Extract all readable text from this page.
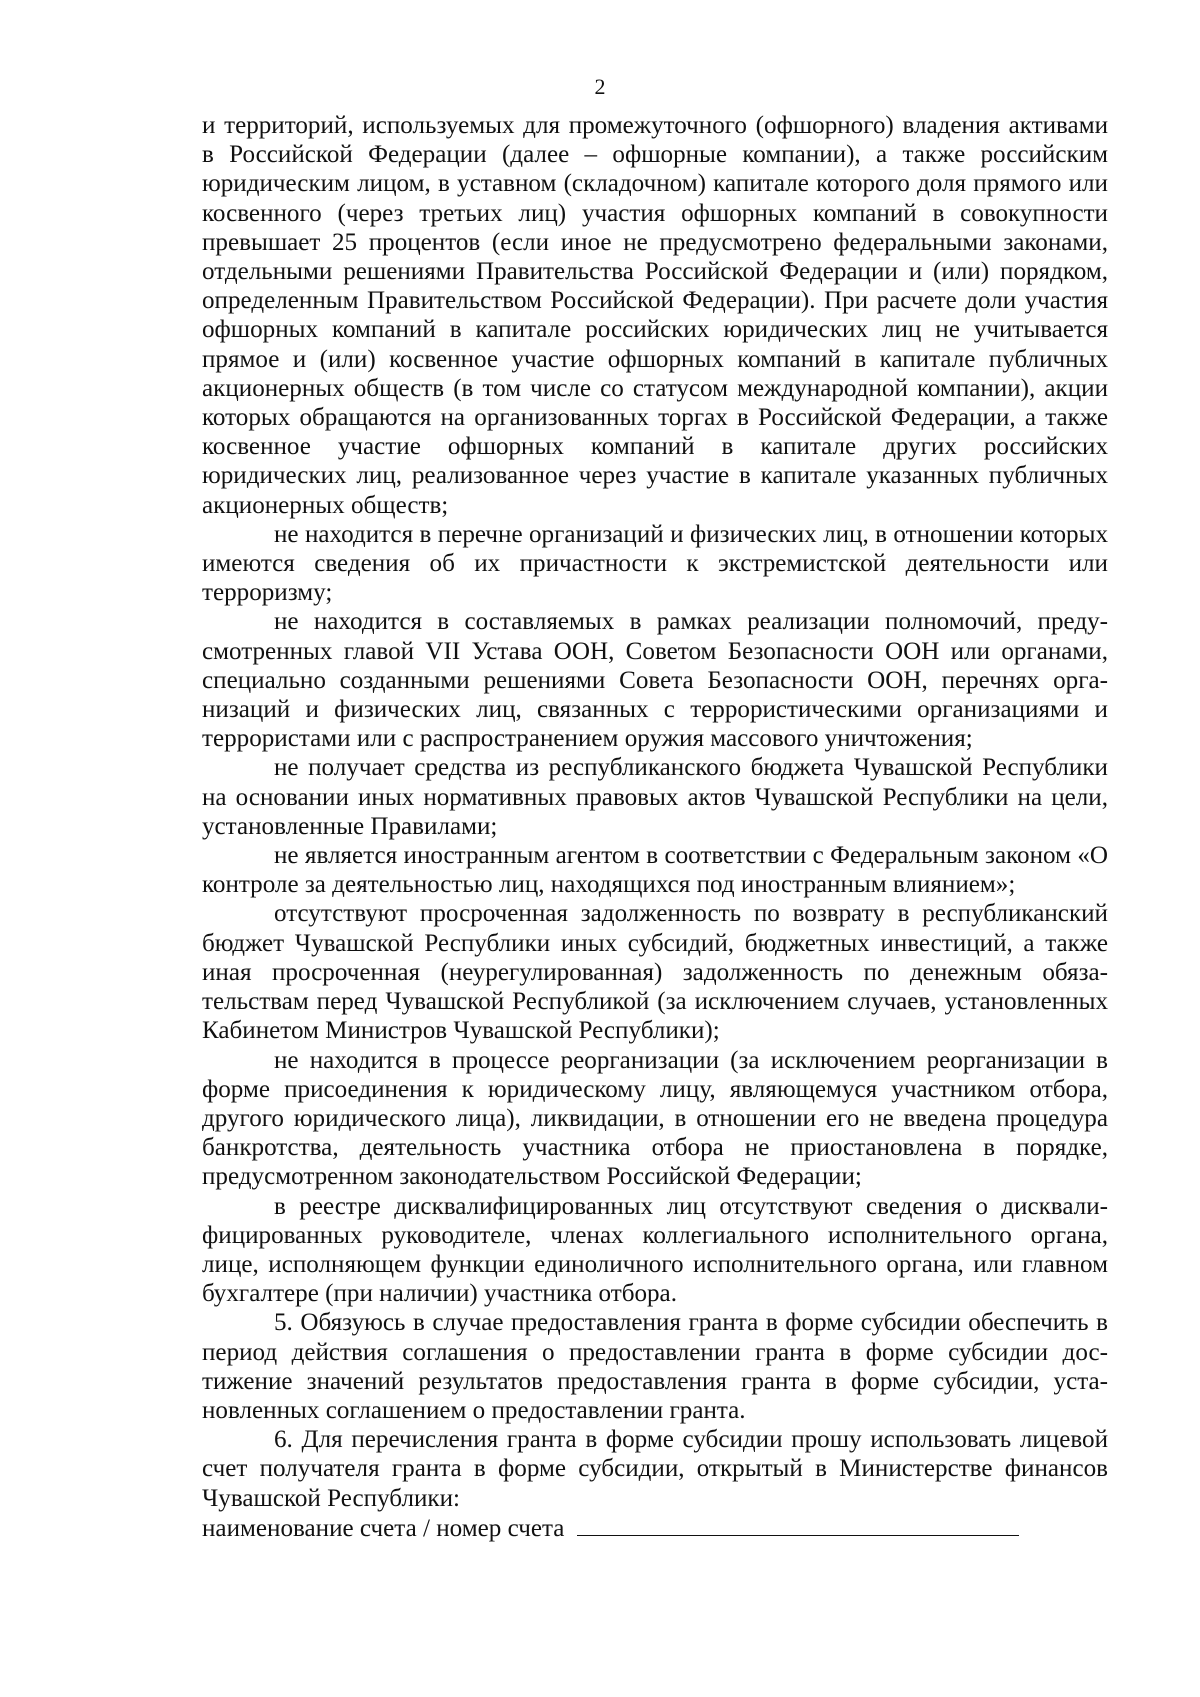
2

и территорий, используемых для промежуточного (офшорного) владения активами в Российской Федерации (далее – офшорные компании), а также российским юридическим лицом, в уставном (складочном) капитале которого доля прямого или косвенного (через третьих лиц) участия офшорных компаний в совокупности превышает 25 процентов (если иное не предусмотрено федеральными законами, отдельными решениями Правительства Российской Федерации и (или) порядком, определенным Правительством Российской Федерации). При расчете доли участия офшорных компаний в капитале российских юридических лиц не учитывается прямое и (или) косвенное участие офшорных компаний в капитале публичных акционерных обществ (в том числе со статусом международной компании), акции которых обращаются на организованных торгах в Российской Федерации, а также косвенное участие офшорных компаний в капитале других российских юридических лиц, реализованное через участие в капитале указанных публичных акционерных обществ;

не находится в перечне организаций и физических лиц, в отношении которых имеются сведения об их причастности к экстремистской деятельности или терроризму;

не находится в составляемых в рамках реализации полномочий, предусмотренных главой VII Устава ООН, Советом Безопасности ООН или органами, специально созданными решениями Совета Безопасности ООН, перечнях организаций и физических лиц, связанных с террористическими организациями и террористами или с распространением оружия массового уничтожения;

не получает средства из республиканского бюджета Чувашской Республики на основании иных нормативных правовых актов Чувашской Республики на цели, установленные Правилами;

не является иностранным агентом в соответствии с Федеральным законом «О контроле за деятельностью лиц, находящихся под иностранным влиянием»;

отсутствуют просроченная задолженность по возврату в республиканский бюджет Чувашской Республики иных субсидий, бюджетных инвестиций, а также иная просроченная (неурегулированная) задолженность по денежным обязательствам перед Чувашской Республикой (за исключением случаев, установленных Кабинетом Министров Чувашской Республики);

не находится в процессе реорганизации (за исключением реорганизации в форме присоединения к юридическому лицу, являющемуся участником отбора, другого юридического лица), ликвидации, в отношении его не введена процедура банкротства, деятельность участника отбора не приостановлена в порядке, предусмотренном законодательством Российской Федерации;

в реестре дисквалифицированных лиц отсутствуют сведения о дисквалифицированных руководителе, членах коллегиального исполнительного органа, лице, исполняющем функции единоличного исполнительного органа, или главном бухгалтере (при наличии) участника отбора.

5. Обязуюсь в случае предоставления гранта в форме субсидии обеспечить в период действия соглашения о предоставлении гранта в форме субсидии достижение значений результатов предоставления гранта в форме субсидии, установленных соглашением о предоставлении гранта.

6. Для перечисления гранта в форме субсидии прошу использовать лицевой счет получателя гранта в форме субсидии, открытый в Министерстве финансов Чувашской Республики:

наименование счета / номер счета
